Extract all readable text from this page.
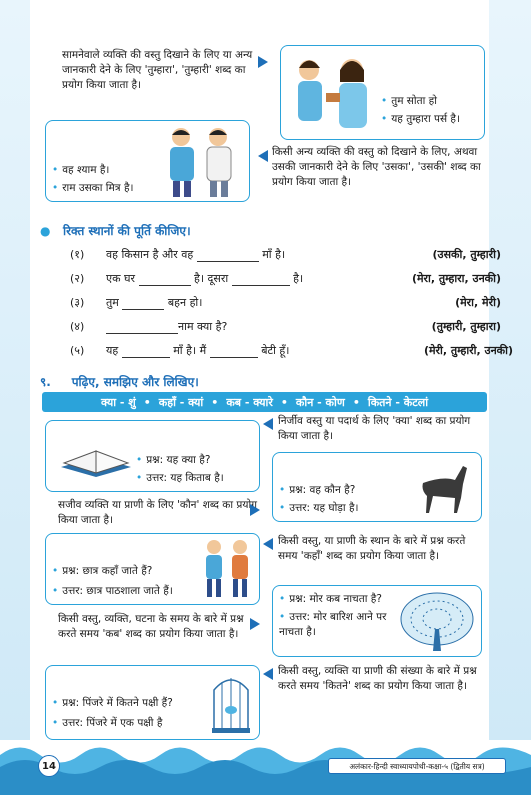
सामनेवाले व्यक्ति की वस्तु दिखाने के लिए या अन्य जानकारी देने के लिए 'तुम्हारा', 'तुम्हारी' शब्द का प्रयोग किया जाता है।
• तुम सोता हो
• यह तुम्हारा पर्स है।
• वह श्याम है।
• राम उसका मित्र है।
किसी अन्य व्यक्ति की वस्तु को दिखाने के लिए, अथवा उसकी जानकारी देने के लिए 'उसका', 'उसकी' शब्द का प्रयोग किया जाता है।
● रिक्त स्थानों की पूर्ति कीजिए।
(१) वह किसान है और वह	माँ है।	(उसकी, तुम्हारी)
(२) एक घर	है। दूसरा	है।	(मेरा, तुम्हारा, उनकी)
(३) तुम	बहन हो।	(मेरा, मेरी)
(४)	नाम क्या है?	(तुम्हारी, तुम्हारा)
(५) यह	माँ है। मैं	बेटी हूँ।	(मेरी, तुम्हारी, उनकी)
९. पढ़िए, समझिए और लिखिए।
क्या - शुं • कहाँ - क्यां • कब - क्यारे • कौन - कोण • कितने - केटलां
• प्रश्न: यह क्या है?
• उत्तर: यह किताब है।
निर्जीव वस्तु या पदार्थ के लिए 'क्या' शब्द का प्रयोग किया जाता है।
सजीव व्यक्ति या प्राणी के लिए 'कौन' शब्द का प्रयोग किया जाता है।
• प्रश्न: वह कौन है?
• उत्तर: यह घोड़ा है।
• प्रश्न: छात्र कहाँ जाते हैं?
• उत्तर: छात्र पाठशाला जाते हैं।
किसी वस्तु, या प्राणी के स्थान के बारे में प्रश्न करते समय 'कहाँ' शब्द का प्रयोग किया जाता है।
किसी वस्तु, व्यक्ति, घटना के समय के बारे में प्रश्न करते समय 'कब' शब्द का प्रयोग किया जाता है।
• प्रश्न: मोर कब नाचता है?
• उत्तर: मोर बारिश आने पर नाचता है।
• प्रश्न: पिंजरे में कितने पक्षी हैं?
• उत्तर: पिंजरे में एक पक्षी है
किसी वस्तु, व्यक्ति या प्राणी की संख्या के बारे में प्रश्न करते समय 'कितने' शब्द का प्रयोग किया जाता है।
14	अलंकार-हिन्दी स्वाध्यायपोथी-कक्षा-५ (द्वितीय सत्र)
